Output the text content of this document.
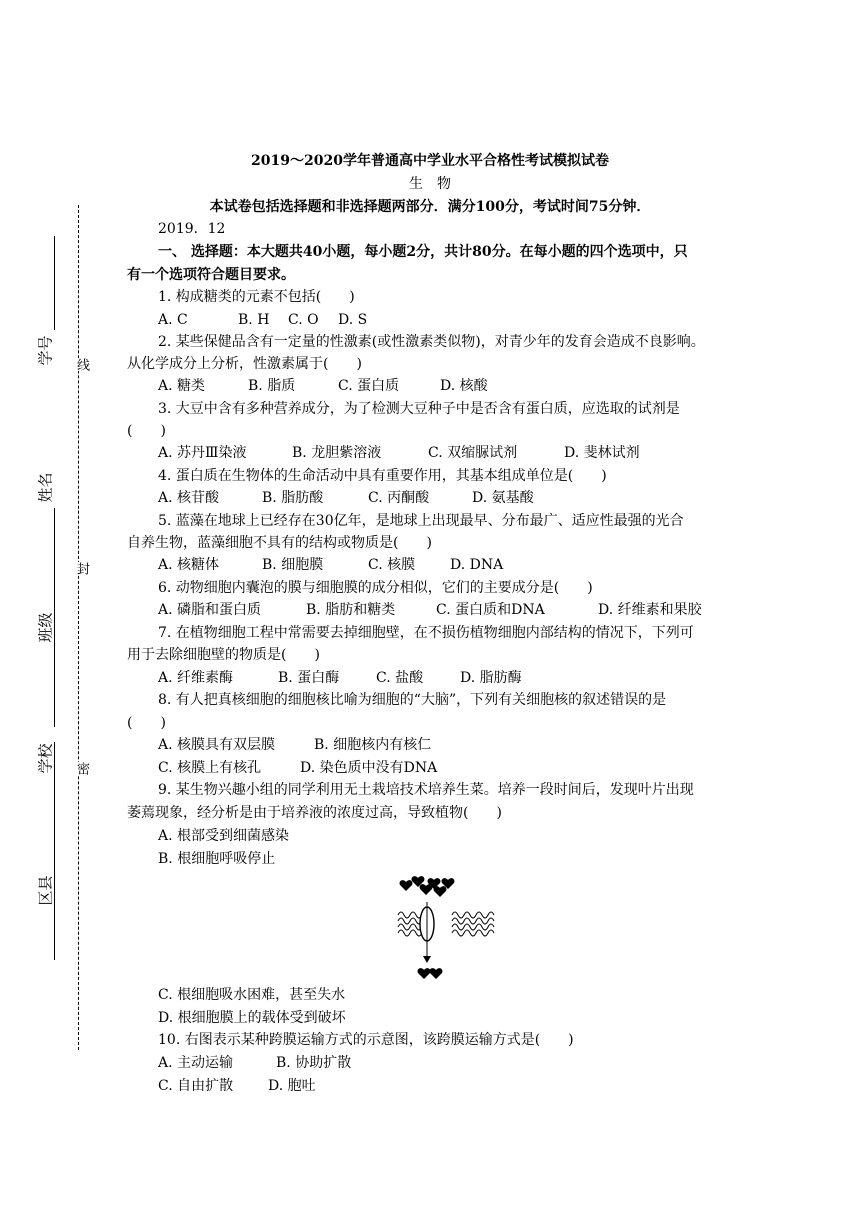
学号
姓名
班级
学校
区县
线
封
密
2019～2020学年普通高中学业水平合格性考试模拟试卷
生　物
本试卷包括选择题和非选择题两部分．满分100分，考试时间75分钟．
2019．12
一、 选择题：本大题共40小题，每小题2分，共计80分。在每小题的四个选项中，只
有一个选项符合题目要求。
1. 构成糖类的元素不包括(　　)
A. C	B. H C. O D. S
2. 某些保健品含有一定量的性激素(或性激素类似物)，对青少年的发育会造成不良影响。
从化学成分上分析，性激素属于(　　)
A. 糖类	B. 脂质	C. 蛋白质	D. 核酸
3. 大豆中含有多种营养成分，为了检测大豆种子中是否含有蛋白质，应选取的试剂是
(　　)
A. 苏丹Ⅲ染液	B. 龙胆紫溶液	C. 双缩脲试剂	D. 斐林试剂
4. 蛋白质在生物体的生命活动中具有重要作用，其基本组成单位是(　　)
A. 核苷酸	B. 脂肪酸	C. 丙酮酸	D. 氨基酸
5. 蓝藻在地球上已经存在30亿年，是地球上出现最早、分布最广、适应性最强的光合
自养生物，蓝藻细胞不具有的结构或物质是(　　)
A. 核糖体	B. 细胞膜	C. 核膜 D. DNA
6. 动物细胞内囊泡的膜与细胞膜的成分相似，它们的主要成分是(　　)
A. 磷脂和蛋白质	B. 脂肪和糖类	C. 蛋白质和DNA	D. 纤维素和果胶
7. 在植物细胞工程中常需要去掉细胞壁，在不损伤植物细胞内部结构的情况下，下列可
用于去除细胞壁的物质是(　　)
A. 纤维素酶	B. 蛋白酶	C. 盐酸	D. 脂肪酶
8. 有人把真核细胞的细胞核比喻为细胞的“大脑”，下列有关细胞核的叙述错误的是
(　　)
A. 核膜具有双层膜	B. 细胞核内有核仁
C. 核膜上有核孔	D. 染色质中没有DNA
9. 某生物兴趣小组的同学利用无土栽培技术培养生菜。培养一段时间后，发现叶片出现
萎蔫现象，经分析是由于培养液的浓度过高，导致植物(　　)
A. 根部受到细菌感染
B. 根细胞呼吸停止
C. 根细胞吸水困难，甚至失水
D. 根细胞膜上的载体受到破坏
10. 右图表示某种跨膜运输方式的示意图，该跨膜运输方式是(　　)
A. 主动运输	B. 协助扩散
C. 自由扩散 D. 胞吐
